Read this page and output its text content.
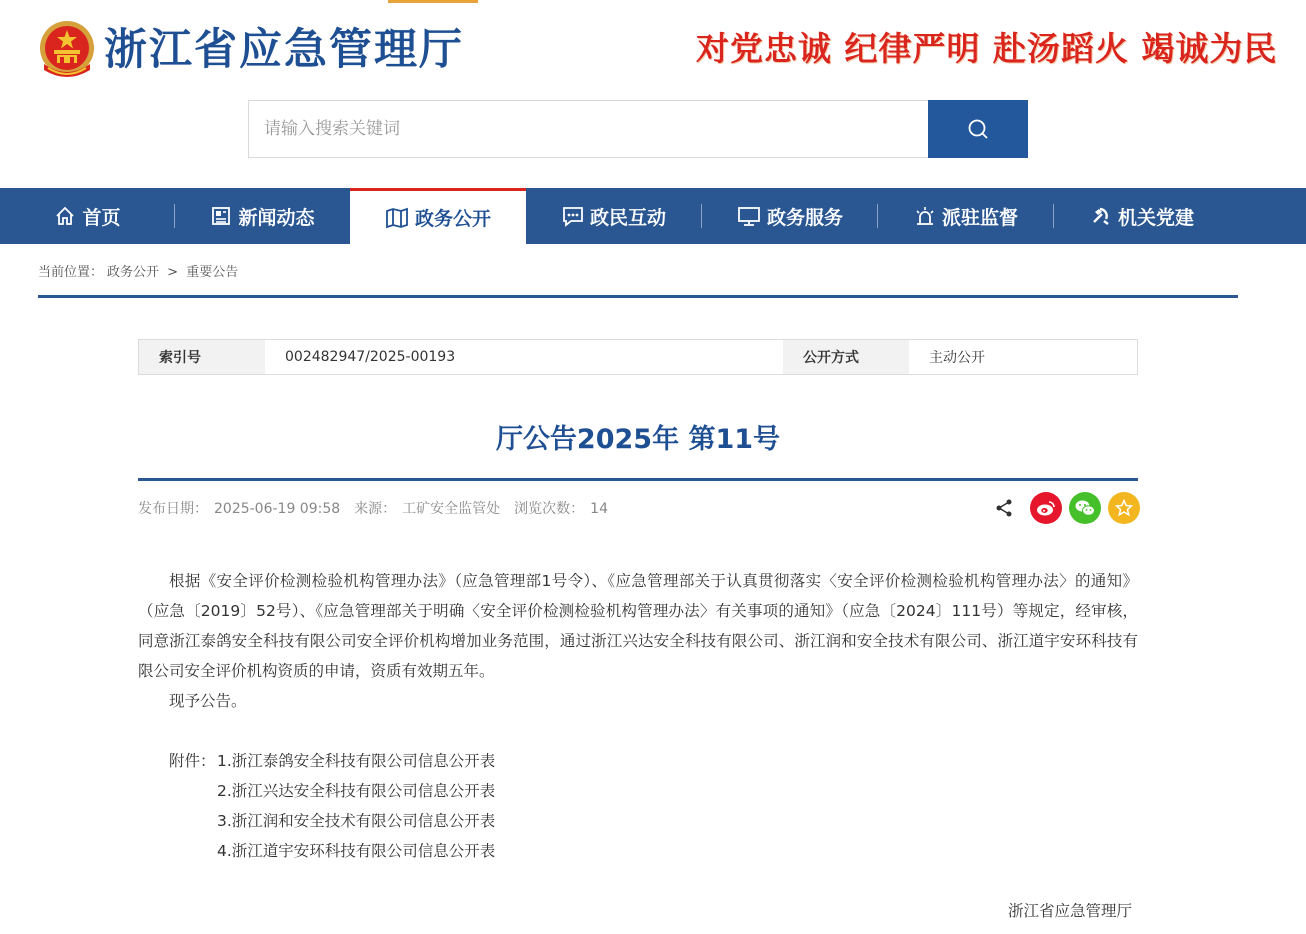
浙江省应急管理厅	对党忠诚 纪律严明 赴汤蹈火 竭诚为民
请输入搜索关键词
首页	新闻动态	政务公开	政民互动	政务服务	派驻监督	机关党建
当前位置： 政务公开 > 重要公告
索引号	002482947/2025-00193	公开方式	主动公开
厅公告2025年 第11号
发布日期： 2025-06-19 09:58 来源： 工矿安全监管处 浏览次数： 14
根据《安全评价检测检验机构管理办法》（应急管理部1号令）、《应急管理部关于认真贯彻落实〈安全评价检测检验机构管理办法〉的通知》（应急〔2019〕52号）、《应急管理部关于明确〈安全评价检测检验机构管理办法〉有关事项的通知》（应急〔2024〕111号）等规定，经审核，同意浙江泰鸽安全科技有限公司安全评价机构增加业务范围，通过浙江兴达安全科技有限公司、浙江润和安全技术有限公司、浙江道宇安环科技有限公司安全评价机构资质的申请，资质有效期五年。
现予公告。
附件： 1.浙江泰鸽安全科技有限公司信息公开表
2.浙江兴达安全科技有限公司信息公开表
3.浙江润和安全技术有限公司信息公开表
4.浙江道宇安环科技有限公司信息公开表
浙江省应急管理厅
